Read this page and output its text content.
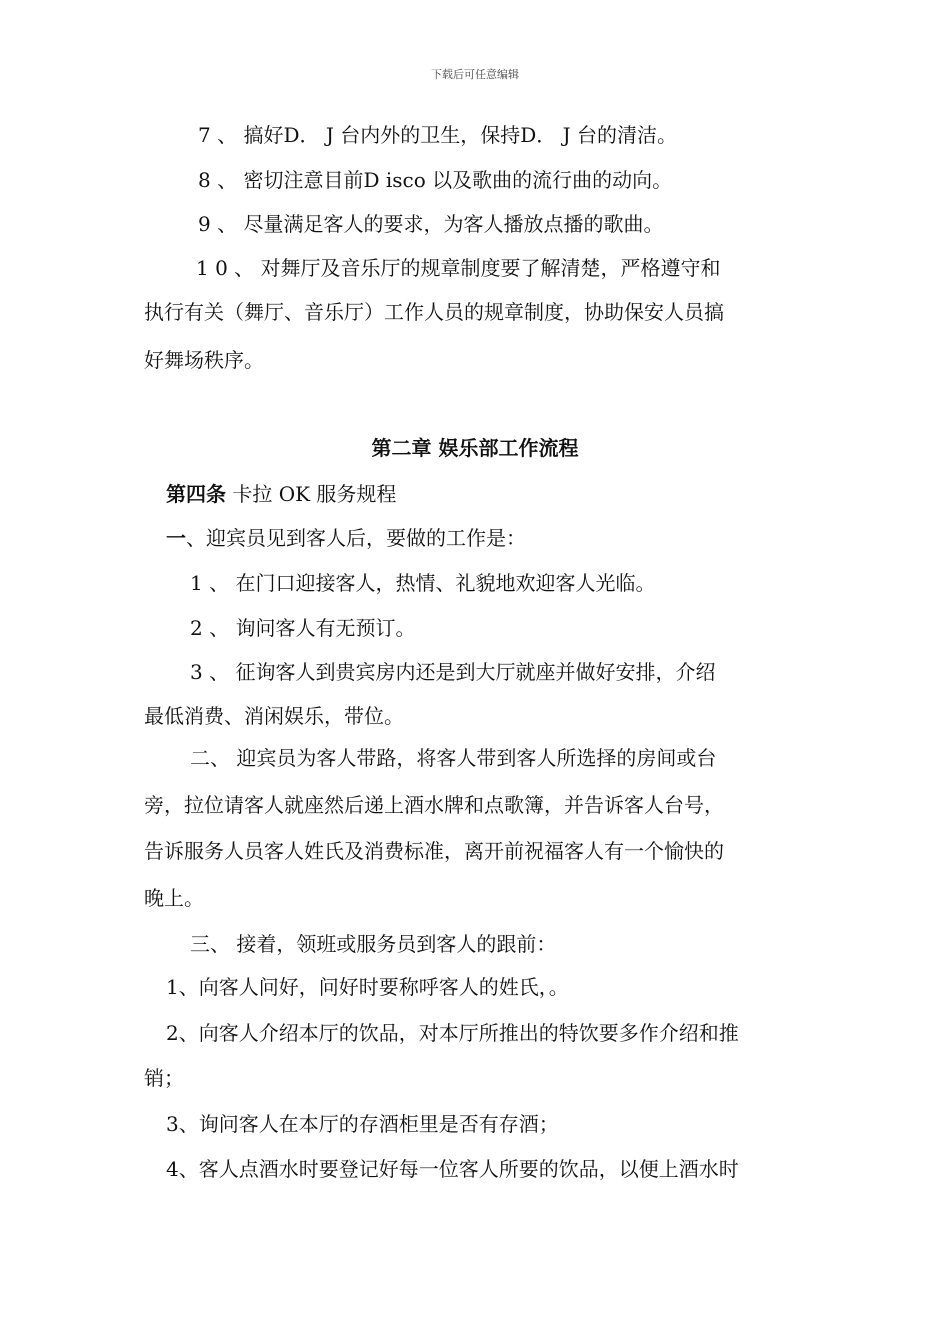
下载后可任意编辑
7 、 搞好D． J 台内外的卫生，保持D． J 台的清洁。
8 、 密切注意目前D isco 以及歌曲的流行曲的动向。
9 、 尽量满足客人的要求，为客人播放点播的歌曲。
1 0 、 对舞厅及音乐厅的规章制度要了解清楚，严格遵守和
执行有关（舞厅、音乐厅）工作人员的规章制度，协助保安人员搞
好舞场秩序。
第二章 娱乐部工作流程
第四条 卡拉 OK 服务规程
一、迎宾员见到客人后，要做的工作是：
1 、 在门口迎接客人，热情、礼貌地欢迎客人光临。
2 、 询问客人有无预订。
3 、 征询客人到贵宾房内还是到大厅就座并做好安排，介绍
最低消费、消闲娱乐，带位。
二、 迎宾员为客人带路，将客人带到客人所选择的房间或台
旁，拉位请客人就座然后递上酒水牌和点歌簿，并告诉客人台号，
告诉服务人员客人姓氏及消费标准，离开前祝福客人有一个愉快的
晚上。
三、 接着，领班或服务员到客人的跟前：
1、向客人问好，问好时要称呼客人的姓氏，。
2、向客人介绍本厅的饮品，对本厅所推出的特饮要多作介绍和推
销；
3、询问客人在本厅的存酒柜里是否有存酒；
4、客人点酒水时要登记好每一位客人所要的饮品，以便上酒水时
